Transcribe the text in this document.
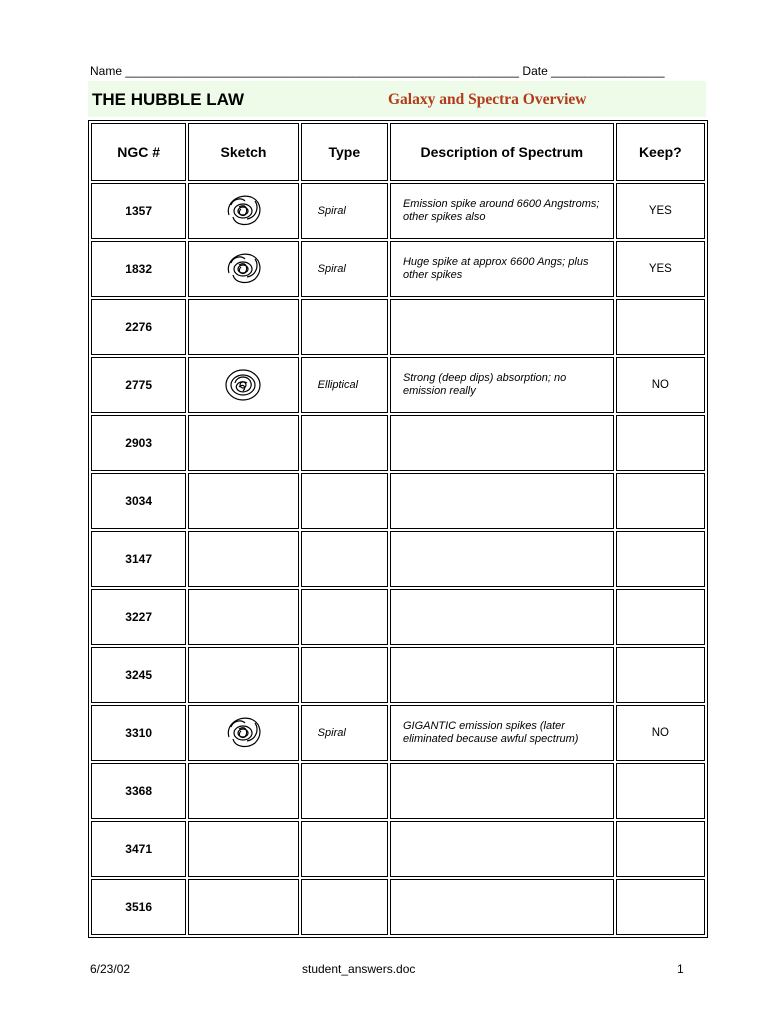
Name ___________________________________________________________ Date _________________
THE HUBBLE LAW	Galaxy and Spectra Overview
NGC #	Sketch	Type	Description of Spectrum	Keep?
1357		Spiral	Emission spike around 6600 Angstroms; other spikes also	YES
1832		Spiral	Huge spike at approx 6600 Angs; plus other spikes	YES
2276				
2775		Elliptical	Strong (deep dips) absorption; no emission really	NO
2903				
3034				
3147				
3227				
3245				
3310		Spiral	GIGANTIC emission spikes (later eliminated because awful spectrum)	NO
3368				
3471				
3516				
6/23/02	student_answers.doc	1
